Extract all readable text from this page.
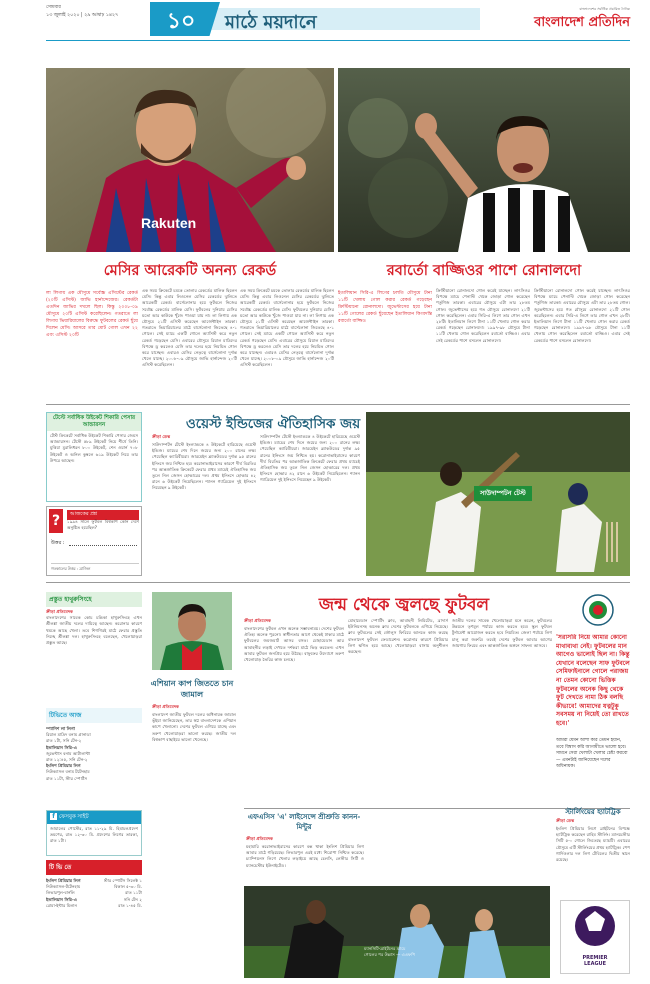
সোমবার
১৩ জুলাই ২০২০ | ২৯ আষাঢ় ১৪২৭	১০	মাঠে ময়দানে
বাংলাদেশের সর্বাধিক প্রচারিত দৈনিক
বাংলাদেশ প্রতিদিন
Rakuten
মেসির আরেকটি অনন্য রেকর্ড	রবার্তো বাজ্জিওর পাশে রোনালদো
লা লিগায় এক মৌসুমে সর্বোচ্চ এসিস্টের রেকর্ড (২০টি এসিস্ট) জাভি হার্নান্দেজের। রেকর্ডটা এতদিন জাভির দখলে ছিল। কিন্তু ২০০৮-০৯ মৌসুমে ২০টি এসিস্ট করেছিলেন। গতরাতে লা লিগায় ভিয়ারিয়ালের বিরুদ্ধে ফুটবলের রেকর্ড ছুঁয়ে দিলেন মেসি। আসরে তার মোট গোল এখন ২২ এবং এসিস্ট ২০টি
এক সময় ক্রিকেটে চমকে তোলার রেকর্ডের মালিক ছিলেন মেসি। কিন্তু এবার লিওনেল মেসির রেকর্ডের ঝুলিতে আরেকটি রেকর্ড। বার্সেলোনার হয়ে ফুটবলে নিজের সর্বোচ্চ রেকর্ডের মালিক মেসি। ফুটবলের দুনিয়ায় মেসির মতো আর কাউকে খুঁজে পাওয়া যায় না। লা লিগায় এক মৌসুমে ২১টি এসিস্ট করেছেন আর্জেন্টাইন তারকা। গতরাতে ভিয়ারিয়ালের মাঠে বার্সেলোনা জিতেছে ৪-১ গোলে। সেই ম্যাচে একটি গোলে অ্যাসিস্ট করে নতুন রেকর্ড গড়েছেন মেসি। এবারের মৌসুমে রিয়াল মাদ্রিদের বিপক্ষে ড্র করলেও মেসি তার দলের হয়ে নিয়মিত গোল করে যাচ্ছেন। এবারও মেসির নেতৃত্বে বার্সেলোনা দুর্দান্ত খেলে যাচ্ছে। ২০০৮-০৯ মৌসুমে জাভি হার্নান্দেজ ২০টি এসিস্ট করেছিলেন।
এক সময় ক্রিকেটে চমকে তোলার রেকর্ডের মালিক ছিলেন মেসি। কিন্তু এবার লিওনেল মেসির রেকর্ডের ঝুলিতে আরেকটি রেকর্ড। বার্সেলোনার হয়ে ফুটবলে নিজের সর্বোচ্চ রেকর্ডের মালিক মেসি। ফুটবলের দুনিয়ায় মেসির মতো আর কাউকে খুঁজে পাওয়া যায় না। লা লিগায় এক মৌসুমে ২১টি এসিস্ট করেছেন আর্জেন্টাইন তারকা। গতরাতে ভিয়ারিয়ালের মাঠে বার্সেলোনা জিতেছে ৪-১ গোলে। সেই ম্যাচে একটি গোলে অ্যাসিস্ট করে নতুন রেকর্ড গড়েছেন মেসি। এবারের মৌসুমে রিয়াল মাদ্রিদের বিপক্ষে ড্র করলেও মেসি তার দলের হয়ে নিয়মিত গোল করে যাচ্ছেন। এবারও মেসির নেতৃত্বে বার্সেলোনা দুর্দান্ত খেলে যাচ্ছে। ২০০৮-০৯ মৌসুমে জাভি হার্নান্দেজ ২০টি এসিস্ট করেছিলেন।
ইতালিয়ান সিরি-এ লিগের চলতি মৌসুমে টানা ১১টি খেলায় গোল করার রেকর্ড গড়েছেন ক্রিস্টিয়ানো রোনালদো। জুভেন্টাসের হয়ে টানা ১১টি গোলের রেকর্ড ছুঁয়েছেন ইতালিয়ান কিংবদন্তি রবার্তো বাজ্জিও
ক্রিস্টিয়ানো রোনালদো গোল করেই যাচ্ছেন। লাৎসিওর বিপক্ষে ম্যাচে পেনাল্টি থেকে জোড়া গোল করেছেন পর্তুগিজ তারকা। এবারের মৌসুমে এটা তার ২৮তম গোল। জুভেন্টাসের হয়ে গত মৌসুমে রোনালদো ২১টি গোল করেছিলেন। এবার সিরি-এ লিগে তার গোল এখন ২৮টি। ইতালিয়ান লিগে টানা ১১টি খেলায় গোল করার রেকর্ড গড়েছেন রোনালদো। ১৯৯৭-৯৮ মৌসুমে টানা ১১টি খেলায় গোল করেছিলেন রবার্তো বাজ্জিও। এবার সেই রেকর্ডের পাশে বসলেন রোনালদো।
ক্রিস্টিয়ানো রোনালদো গোল করেই যাচ্ছেন। লাৎসিওর বিপক্ষে ম্যাচে পেনাল্টি থেকে জোড়া গোল করেছেন পর্তুগিজ তারকা। এবারের মৌসুমে এটা তার ২৮তম গোল। জুভেন্টাসের হয়ে গত মৌসুমে রোনালদো ২১টি গোল করেছিলেন। এবার সিরি-এ লিগে তার গোল এখন ২৮টি। ইতালিয়ান লিগে টানা ১১টি খেলায় গোল করার রেকর্ড গড়েছেন রোনালদো। ১৯৯৭-৯৮ মৌসুমে টানা ১১টি খেলায় গোল করেছিলেন রবার্তো বাজ্জিও। এবার সেই রেকর্ডের পাশে বসলেন রোনালদো।
টেস্টে সর্বাধিক উইকেট শিকারি পেসার আন্ডারসন
টেস্ট ক্রিকেটে সর্বাধিক উইকেট শিকারি পেসার জেমস অ্যান্ডারসন। টেস্টে ৫৮৯ উইকেট নিয়ে শীর্ষে তিনি। মুত্তিয়া মুরালিধরন ৮০০ উইকেট, শেন ওয়ার্ন ৭০৮ উইকেট ও অনিল কুম্বলে ৬১৯ উইকেট নিয়ে তার উপরে আছেন।
?	আজকের প্রশ্ন
১৯৯৪ সালে ফুটবল বিশ্বকাপ কোন দেশে অনুষ্ঠিত হয়েছিল?
উত্তর :
গতকালের উত্তর : ব্রাজিল
ওয়েস্ট ইন্ডিজের ঐতিহাসিক জয়
ক্রীড়া ডেস্ক
সাউদাম্পটন টেস্টে ইংল্যান্ডকে ৪ উইকেটে হারিয়েছে ওয়েস্ট ইন্ডিজ। ম্যাচের শেষ দিনে জয়ের জন্য ২০০ রানের লক্ষ্য পেয়েছিল ক্যারিবীয়রা। জারমেইন ব্ল্যাকউডের দুর্দান্ত ৯৫ রানের ইনিংসে জয় নিশ্চিত হয়। করোনাভাইরাসের কারণে দীর্ঘ বিরতির পর আন্তর্জাতিক ক্রিকেটে ফেরার প্রথম ম্যাচেই ঐতিহাসিক জয় তুলে নিল জেসন হোল্ডারের দল। প্রথম ইনিংসে হোল্ডার ৪২ রানে ৬ উইকেট নিয়েছিলেন। শ্যানন গ্যাব্রিয়েল দুই ইনিংসে নিয়েছেন ৯ উইকেট।
সাউদাম্পটন টেস্টে ইংল্যান্ডকে ৪ উইকেটে হারিয়েছে ওয়েস্ট ইন্ডিজ। ম্যাচের শেষ দিনে জয়ের জন্য ২০০ রানের লক্ষ্য পেয়েছিল ক্যারিবীয়রা। জারমেইন ব্ল্যাকউডের দুর্দান্ত ৯৫ রানের ইনিংসে জয় নিশ্চিত হয়। করোনাভাইরাসের কারণে দীর্ঘ বিরতির পর আন্তর্জাতিক ক্রিকেটে ফেরার প্রথম ম্যাচেই ঐতিহাসিক জয় তুলে নিল জেসন হোল্ডারের দল। প্রথম ইনিংসে হোল্ডার ৪২ রানে ৬ উইকেট নিয়েছিলেন। শ্যানন গ্যাব্রিয়েল দুই ইনিংসে নিয়েছেন ৯ উইকেট।
সাউদাম্পটন টেস্ট
প্রস্তুত হাথুরুসিংহে
ক্রীড়া প্রতিবেদক
বাংলাদেশের সাবেক কোচ চন্ডিকা হাথুরুসিংহে এখন শ্রীলঙ্কা জাতীয় দলের দায়িত্বে আছেন। করোনার কারণে থমকে আছে খেলা। তবে শিগগিরই মাঠে ফেরার প্রস্তুতি নিচ্ছে শ্রীলঙ্কা দল। হাথুরুসিংহে বলেছেন, খেলোয়াড়রা প্রস্তুত আছে।
টিভিতে আজ
স্প্যানিশ লা লিগা
রিয়াল মাদ্রিদ বনাম গ্রানাডা
রাত ১টা, সনি টেন-২
ইতালিয়ান সিরি-এ
জুভেন্টাস বনাম আটালান্টা
রাত ১২:৪৫, সনি টেন-২
ইংলিশ প্রিমিয়ার লিগ
নিউক্যাসল বনাম টটেনহাম
রাত ১১টা, স্টার স্পোর্টস
f ফেসবুক সাইট
জামালের পোস্টের, রাত ১১-২৯ মি. হিমাচলপ্রদেশ ভ্রমণের, রাত ১২-৩০ মি. প্রদেশের লিগের তারকা, রাত ১টা।
টি ভি তে
ইংলিশ প্রিমিয়ার লিগ	স্টার স্পোর্টস সিলেক্ট ১
নিউক্যাসল-টটেনহাম	বিকাল ৫-৩০ মি.
লিভারপুল-বার্নলি	রাত ১১টা
ইতালিয়ান সিরি-এ	সনি টেন ২
রোমা-ইন্টার মিলান	রাত ১-৪৫ মি.
এশিয়ান কাপ জিততে চান জামাল
ক্রীড়া প্রতিবেদক
বাংলাদেশ জাতীয় ফুটবল দলের অধিনায়ক জামাল ভূঁইয়া জানিয়েছেন, তার স্বপ্ন বাংলাদেশকে এশিয়ান কাপে খেলানো। দেশের ফুটবল এগিয়ে যাচ্ছে এবং তরুণ খেলোয়াড়রা ভালো করছে। জাতীয় দল বিশ্বকাপ বাছাইয়ে ভালো খেলেছে।
জন্ম থেকে জ্বলছে ফুটবল
ক্রীড়া প্রতিবেদক
বাংলাদেশের ফুটবল এখন অনেক সম্ভাবনাময়। দেশের ফুটবল ঐতিহ্য অনেক পুরনো। স্বাধীনতার আগে থেকেই ঢাকার মাঠে ফুটবলের জমজমাট আসর বসত। মোহামেডান আর আবাহনীর লড়াই দেখতে দর্শকরা মাঠে ভিড় করতেন। এখন আবার ফুটবল জনপ্রিয় হয়ে উঠছে। বাফুফের উদ্যোগে তরুণ খেলোয়াড় তৈরির কাজ চলছে।
মোহামেডান স্পোর্টিং ক্লাব, আবাহনী লিমিটেড, ব্রাদার্স ইউনিয়নসহ অনেক ক্লাব দেশের ফুটবলকে এগিয়ে নিয়েছে। ক্লাব ফুটবলের সেই জৌলুস ফিরিয়ে আনতে কাজ করছে বাংলাদেশ ফুটবল ফেডারেশন। করোনার কারণে প্রিমিয়ার লিগ স্থগিত হয়ে আছে। খেলোয়াড়রা বাসায় অনুশীলন করছেন।
জাতীয় দলের সাবেক খেলোয়াড়রা মনে করেন, ফুটবলের উন্নয়নে তৃণমূল পর্যায়ে কাজ করতে হবে। স্কুল ফুটবল টুর্নামেন্ট আয়োজন করতে হবে নিয়মিত। জেলা পর্যায়ে লিগ চালু করা জরুরি। তবেই দেশের ফুটবল আবার আগের জায়গায় ফিরবে এবং আন্তর্জাতিক অঙ্গনে সাফল্য আসবে।
'সরাসরি নিয়ে আমার কোনো মাথাব্যথা নেই। ফুটবলের মান আগেও ভালোই ছিল না। কিন্তু যেখানে বলেছেন সাফ ফুটবলে সেমিফাইনালে গোলে পরাজয় না তেমন কোনো ভিত্তিক ফুটবলের অনেক কিছু থেকে ফুট দেখতে নামা ঠিক বলছি কীভাবে! আমাদের যত্নটুকু সবসময় না নিয়েই তো রাখতে হবে।'
আমরা যেমন আশা করি তেমন হয়নি, তবে বিশ্বাস করি আগামীতে ভালো হবে। সামনে সেরা খেলাটা খেলার চেষ্টা করবো — এমনটাই জানিয়েছেন দলের অধিনায়ক।
এফএসিস 'এ' লাইসেন্সে শ্রীশ্রুতি কানন-মিন্টুর
ক্রীড়া প্রতিবেদক
মহামারি করোনাভাইরাসের কারণে বন্ধ থাকা ইংলিশ প্রিমিয়ার লিগ আবার মাঠে গড়িয়েছে। লিভারপুল এরই মধ্যে শিরোপা নিশ্চিত করেছে। চ্যাম্পিয়নস লিগে খেলার লড়াইয়ে আছে চেলসি, লেস্টার সিটি ও ম্যানচেস্টার ইউনাইটেড।
ম্যানসিটি-ব্রাইটনের ম্যাচে
গোলের পর উল্লাস — এএফপি
PREMIER
LEAGUE
স্টার্লিংয়ের হ্যাটট্রিক
ক্রীড়া ডেস্ক
ইংলিশ প্রিমিয়ার লিগে ব্রাইটনের বিপক্ষে হ্যাটট্রিক করেছেন রাহিম স্টার্লিং। ম্যানচেস্টার সিটি ৫-০ গোলে জিতেছে ম্যাচটি। এবারের মৌসুমে এটি স্টার্লিংয়ের প্রথম হ্যাটট্রিক। পেপ গার্দিওলার দল লিগ টেবিলের দ্বিতীয় স্থানে রয়েছে।
